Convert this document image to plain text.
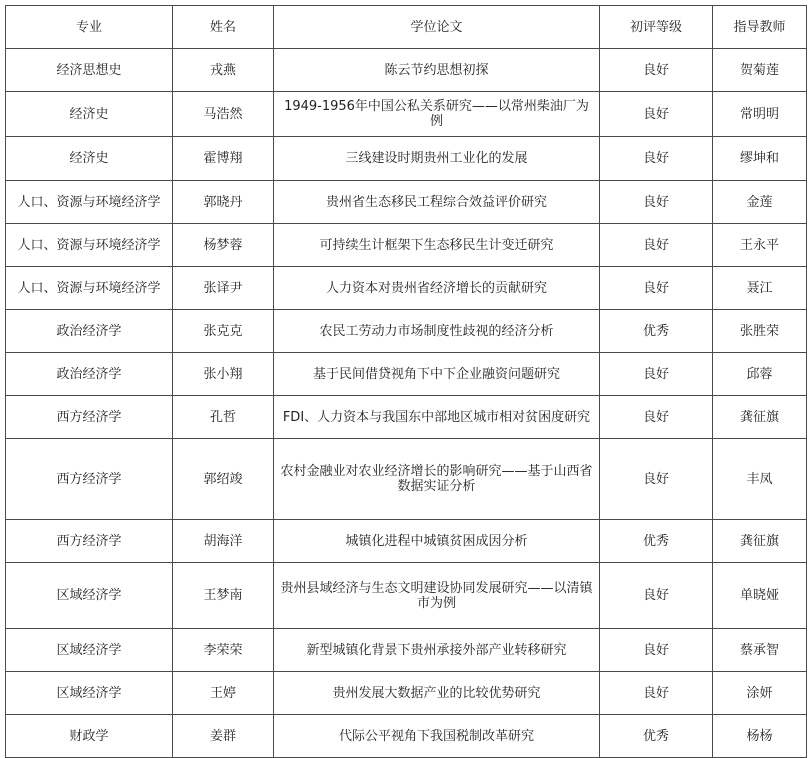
专业	姓名	学位论文	初评等级	指导教师
经济思想史	戎燕	陈云节约思想初探	良好	贺菊莲
经济史	马浩然	1949-1956年中国公私关系研究——以常州柴油厂为例	良好	常明明
经济史	霍博翔	三线建设时期贵州工业化的发展	良好	缪坤和
人口、资源与环境经济学	郭晓丹	贵州省生态移民工程综合效益评价研究	良好	金莲
人口、资源与环境经济学	杨梦蓉	可持续生计框架下生态移民生计变迁研究	良好	王永平
人口、资源与环境经济学	张译尹	人力资本对贵州省经济增长的贡献研究	良好	聂江
政治经济学	张克克	农民工劳动力市场制度性歧视的经济分析	优秀	张胜荣
政治经济学	张小翔	基于民间借贷视角下中下企业融资问题研究	良好	邱蓉
西方经济学	孔哲	FDI、人力资本与我国东中部地区城市相对贫困度研究	良好	龚征旗
西方经济学	郭绍竣	农村金融业对农业经济增长的影响研究——基于山西省数据实证分析	良好	丰凤
西方经济学	胡海洋	城镇化进程中城镇贫困成因分析	优秀	龚征旗
区域经济学	王梦南	贵州县域经济与生态文明建设协同发展研究——以清镇市为例	良好	单晓娅
区域经济学	李荣荣	新型城镇化背景下贵州承接外部产业转移研究	良好	蔡承智
区域经济学	王婷	贵州发展大数据产业的比较优势研究	良好	涂妍
财政学	姜群	代际公平视角下我国税制改革研究	优秀	杨杨
